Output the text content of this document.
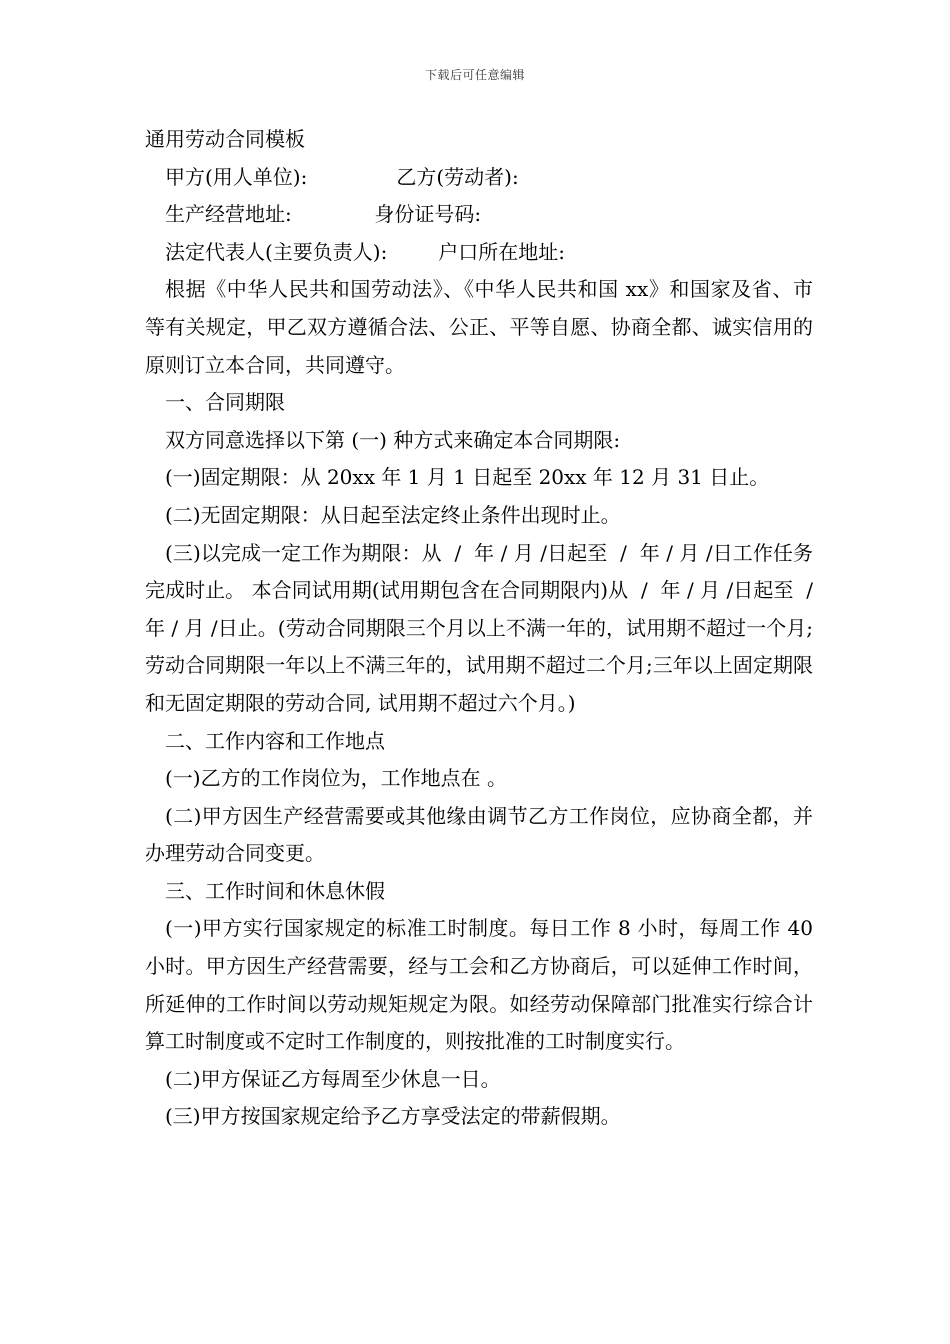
下载后可任意编辑

通用劳动合同模板

甲方(用人单位):              乙方(劳动者):

生产经营地址:             身份证号码:

法定代表人(主要负责人):        户口所在地址:

根据《中华人民共和国劳动法》、《中华人民共和国 xx》和国家及省、市等有关规定，甲乙双方遵循合法、公正、平等自愿、协商全都、诚实信用的原则订立本合同，共同遵守。

一、合同期限

双方同意选择以下第 (一) 种方式来确定本合同期限:

(一)固定期限：从 20xx 年 1 月 1 日起至 20xx 年 12 月 31 日止。

(二)无固定期限：从日起至法定终止条件出现时止。

(三)以完成一定工作为期限：从  /  年 / 月 /日起至  /  年 / 月 /日工作任务完成时止。 本合同试用期(试用期包含在合同期限内)从  /  年 / 月 /日起至  /  年 / 月 /日止。(劳动合同期限三个月以上不满一年的，试用期不超过一个月;劳动合同期限一年以上不满三年的，试用期不超过二个月;三年以上固定期限和无固定期限的劳动合同, 试用期不超过六个月。)

二、工作内容和工作地点

(一)乙方的工作岗位为，工作地点在 。

(二)甲方因生产经营需要或其他缘由调节乙方工作岗位，应协商全都，并办理劳动合同变更。

三、工作时间和休息休假

(一)甲方实行国家规定的标准工时制度。每日工作 8 小时，每周工作 40 小时。甲方因生产经营需要，经与工会和乙方协商后，可以延伸工作时间，所延伸的工作时间以劳动规矩规定为限。如经劳动保障部门批准实行综合计算工时制度或不定时工作制度的，则按批准的工时制度实行。

(二)甲方保证乙方每周至少休息一日。

(三)甲方按国家规定给予乙方享受法定的带薪假期。
